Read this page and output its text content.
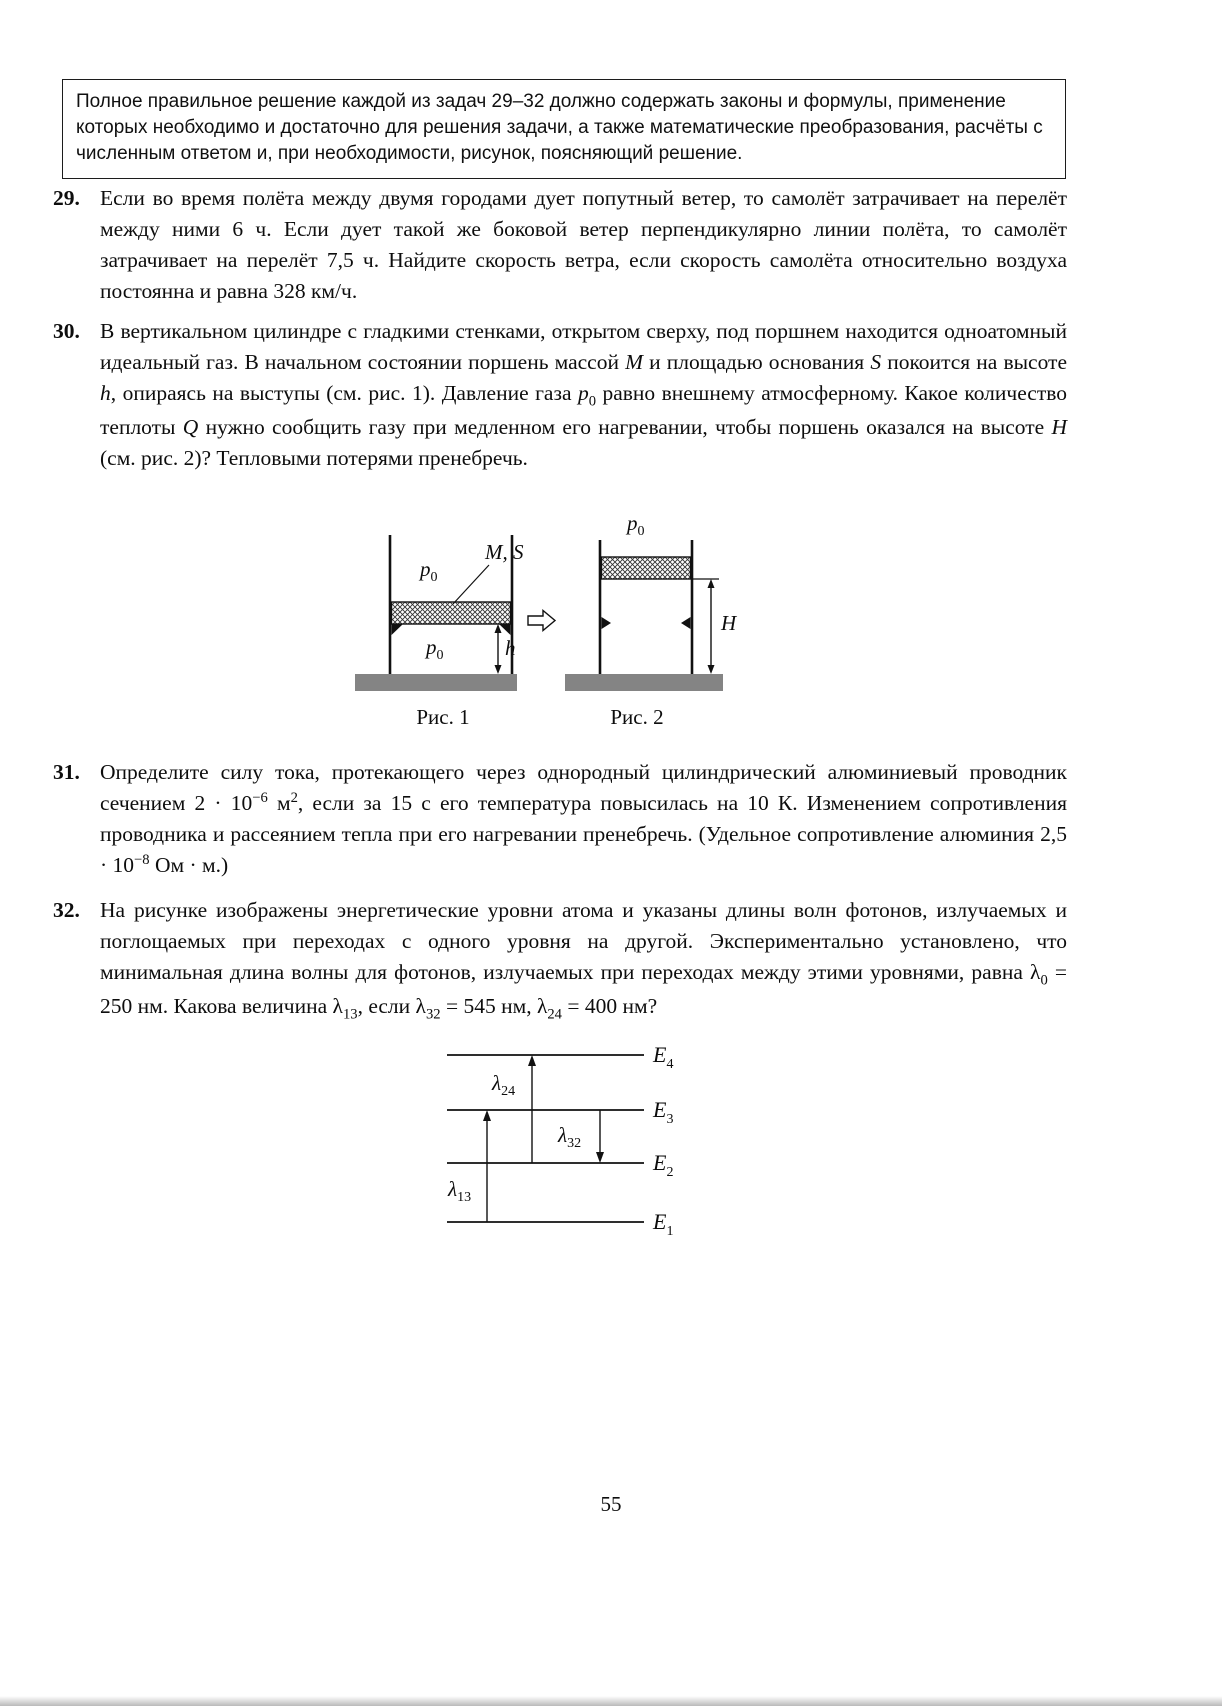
Полное правильное решение каждой из задач 29–32 должно содержать законы и формулы, применение которых необходимо и достаточно для решения задачи, а также математические преобразования, расчёты с численным ответом и, при необходимости, рисунок, поясняющий решение.
29. Если во время полёта между двумя городами дует попутный ветер, то самолёт затрачивает на перелёт между ними 6 ч. Если дует такой же боковой ветер перпендикулярно линии полёта, то самолёт затрачивает на перелёт 7,5 ч. Найдите скорость ветра, если скорость самолёта относительно воздуха постоянна и равна 328 км/ч.
30. В вертикальном цилиндре с гладкими стенками, открытом сверху, под поршнем находится одноатомный идеальный газ. В начальном состоянии поршень массой M и площадью основания S покоится на высоте h, опираясь на выступы (см. рис. 1). Давление газа $p_0$ равно внешнему атмосферному. Какое количество теплоты Q нужно сообщить газу при медленном его нагревании, чтобы поршень оказался на высоте H (см. рис. 2)? Тепловыми потерями пренебречь.
$p_0$
$p_0$
M, S
h
$p_0$
H
Рис. 1	Рис. 2
31. Определите силу тока, протекающего через однородный цилиндрический алюминиевый проводник сечением $2 \cdot 10^{-6}$ $м^2$, если за 15 с его температура повысилась на 10 К. Изменением сопротивления проводника и рассеянием тепла при его нагревании пренебречь. (Удельное сопротивление алюминия $2,5 \cdot 10^{-8}$ Ом · м.)
32. На рисунке изображены энергетические уровни атома и указаны длины волн фотонов, излучаемых и поглощаемых при переходах с одного уровня на другой. Экспериментально установлено, что минимальная длина волны для фотонов, излучаемых при переходах между этими уровнями, равна $\lambda_0 = 250$ нм. Какова величина $\lambda_{13}$, если $\lambda_{32} = 545$ нм, $\lambda_{24} = 400$ нм?
$E_4$
$E_3$
$E_2$
$E_1$
$\lambda_{24}$
$\lambda_{32}$
$\lambda_{13}$
55
